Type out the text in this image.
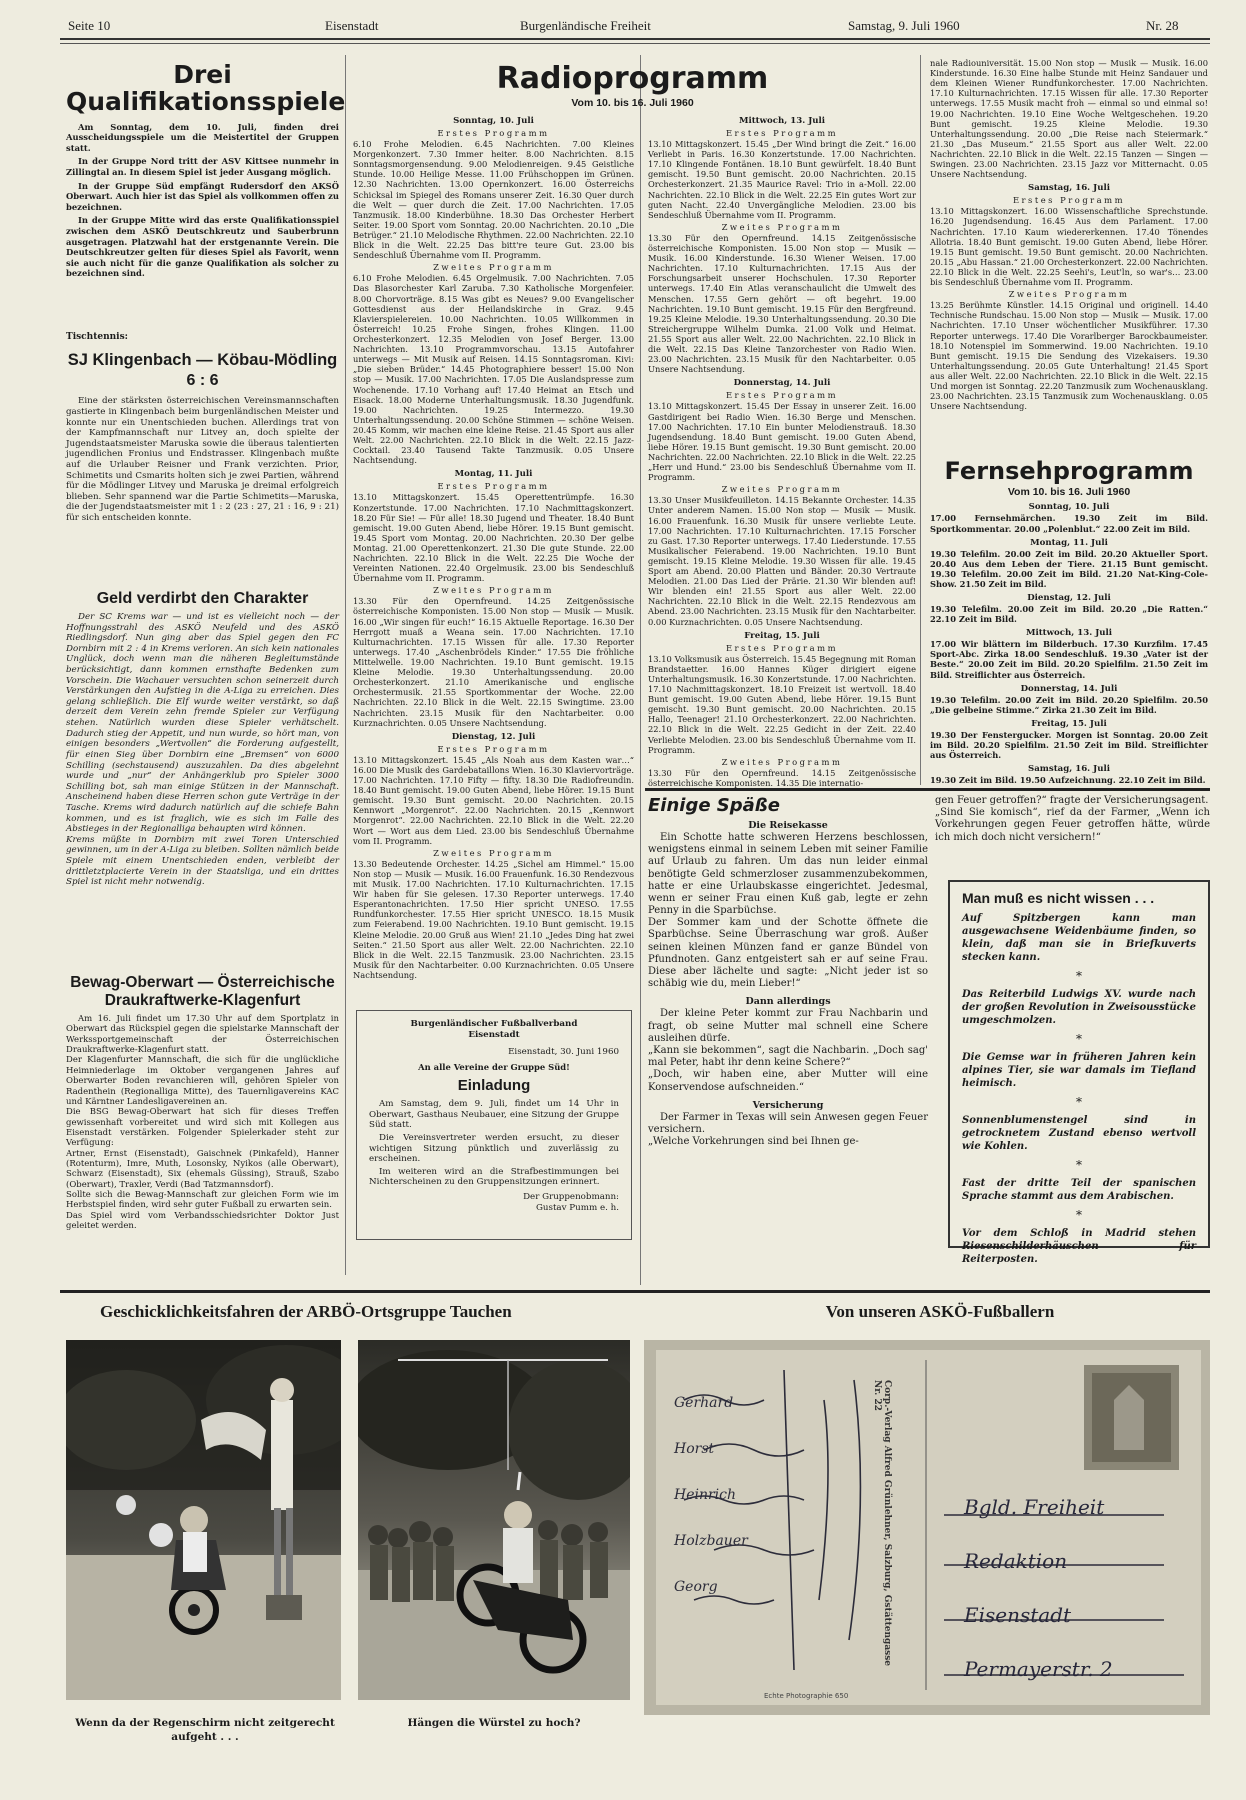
Seite 10	Eisenstadt	Burgenländische Freiheit	Samstag, 9. Juli 1960	Nr. 28
Drei
Qualifikationsspiele
Am Sonntag, dem 10. Juli, finden drei Ausscheidungsspiele um die Meistertitel der Gruppen statt.
In der Gruppe Nord tritt der ASV Kittsee nunmehr in Zillingtal an. In diesem Spiel ist jeder Ausgang möglich.
In der Gruppe Süd empfängt Rudersdorf den AKSÖ Oberwart. Auch hier ist das Spiel als vollkommen offen zu bezeichnen.
In der Gruppe Mitte wird das erste Qualifikationsspiel zwischen dem ASKÖ Deutschkreutz und Sauberbrunn ausgetragen. Platzwahl hat der erstgenannte Verein. Die Deutschkreutzer gelten für dieses Spiel als Favorit, wenn sie auch nicht für die ganze Qualifikation als solcher zu bezeichnen sind.
Tischtennis:
SJ Klingenbach — Köbau-Mödling
6 : 6
Eine der stärksten österreichischen Vereinsmannschaften gastierte in Klingenbach beim burgenländischen Meister und konnte nur ein Unentschieden buchen. Allerdings trat von der Kampfmannschaft nur Litvey an, doch spielte der Jugendstaatsmeister Maruska sowie die überaus talentierten jugendlichen Fronius und Endstrasser. Klingenbach mußte auf die Urlauber Reisner und Frank verzichten. Prior, Schimetits und Csmarits holten sich je zwei Partien, während für die Mödlinger Litvey und Maruska je dreimal erfolgreich blieben. Sehr spannend war die Partie Schimetits—Maruska, die der Jugendstaatsmeister mit 1 : 2 (23 : 27, 21 : 16, 9 : 21) für sich entscheiden konnte.
Geld verdirbt den Charakter
Der SC Krems war — und ist es vielleicht noch — der Hoffnungsstrahl des ASKÖ Neufeld und des ASKÖ Riedlingsdorf. Nun ging aber das Spiel gegen den FC Dornbirn mit 2 : 4 in Krems verloren. An sich kein nationales Unglück, doch wenn man die näheren Begleitumstände berücksichtigt, dann kommen ernsthafte Bedenken zum Vorschein. Die Wachauer versuchten schon seinerzeit durch Verstärkungen den Aufstieg in die A-Liga zu erreichen. Dies gelang schließlich. Die Elf wurde weiter verstärkt, so daß derzeit dem Verein zehn fremde Spieler zur Verfügung stehen. Natürlich wurden diese Spieler verhätschelt. Dadurch stieg der Appetit, und nun wurde, so hört man, von einigen besonders „Wertvollen“ die Forderung aufgestellt, für einen Sieg über Dornbirn eine „Bremsen“ von 6000 Schilling (sechstausend) auszuzahlen. Da dies abgelehnt wurde und „nur“ der Anhängerklub pro Spieler 3000 Schilling bot, sah man einige Stützen in der Mannschaft. Anscheinend haben diese Herren schon gute Verträge in der Tasche. Krems wird dadurch natürlich auf die schiefe Bahn kommen, und es ist fraglich, wie es sich im Falle des Abstieges in der Regionalliga behaupten wird können.
Krems müßte in Dornbirn mit zwei Toren Unterschied gewinnen, um in der A-Liga zu bleiben. Sollten nämlich beide Spiele mit einem Unentschieden enden, verbleibt der drittletztplacierte Verein in der Staatsliga, und ein drittes Spiel ist nicht mehr notwendig.
Bewag-Oberwart — Österreichische
Draukraftwerke-Klagenfurt
Am 16. Juli findet um 17.30 Uhr auf dem Sportplatz in Oberwart das Rückspiel gegen die spielstarke Mannschaft der Werkssportgemeinschaft der Österreichischen Draukraftwerke-Klagenfurt statt.
Der Klagenfurter Mannschaft, die sich für die unglückliche Heimniederlage im Oktober vergangenen Jahres auf Oberwarter Boden revanchieren will, gehören Spieler von Radenthein (Regionalliga Mitte), des Tauernligavereins KAC und Kärntner Landesligavereinen an.
Die BSG Bewag-Oberwart hat sich für dieses Treffen gewissenhaft vorbereitet und wird sich mit Kollegen aus Eisenstadt verstärken. Folgender Spielerkader steht zur Verfügung:
Artner, Ernst (Eisenstadt), Gaischnek (Pinkafeld), Hanner (Rotenturm), Imre, Muth, Losonsky, Nyikos (alle Oberwart), Schwarz (Eisenstadt), Six (ehemals Güssing), Strauß, Szabo (Oberwart), Traxler, Verdi (Bad Tatzmannsdorf).
Sollte sich die Bewag-Mannschaft zur gleichen Form wie im Herbstspiel finden, wird sehr guter Fußball zu erwarten sein.
Das Spiel wird vom Verbandsschiedsrichter Doktor Just geleitet werden.
Radioprogramm
Vom 10. bis 16. Juli 1960
Sonntag, 10. Juli
Erstes Programm
6.10 Frohe Melodien. 6.45 Nachrichten. 7.00 Kleines Morgenkonzert. 7.30 Immer heiter. 8.00 Nachrichten. 8.15 Sonntagsmorgensendung. 9.00 Melodienreigen. 9.45 Geistliche Stunde. 10.00 Heilige Messe. 11.00 Frühschoppen im Grünen. 12.30 Nachrichten. 13.00 Opernkonzert. 16.00 Österreichs Schicksal im Spiegel des Romans unserer Zeit. 16.30 Quer durch die Welt — quer durch die Zeit. 17.00 Nachrichten. 17.05 Tanzmusik. 18.00 Kinderbühne. 18.30 Das Orchester Herbert Seiter. 19.00 Sport vom Sonntag. 20.00 Nachrichten. 20.10 „Die Betrüger.“ 21.10 Melodische Rhythmen. 22.00 Nachrichten. 22.10 Blick in die Welt. 22.25 Das bitt're teure Gut. 23.00 bis Sendeschluß Übernahme vom II. Programm.
Zweites Programm
6.10 Frohe Melodien. 6.45 Orgelmusik. 7.00 Nachrichten. 7.05 Das Blasorchester Karl Zaruba. 7.30 Katholische Morgenfeier. 8.00 Chorvorträge. 8.15 Was gibt es Neues? 9.00 Evangelischer Gottesdienst aus der Heilandskirche in Graz. 9.45 Klavierspielereien. 10.00 Nachrichten. 10.05 Willkommen in Österreich! 10.25 Frohe Singen, frohes Klingen. 11.00 Orchesterkonzert. 12.35 Melodien von Josef Berger. 13.00 Nachrichten. 13.10 Programmvorschau. 13.15 Autofahrer unterwegs — Mit Musik auf Reisen. 14.15 Sonntagsroman. Kivi: „Die sieben Brüder.“ 14.45 Photographiere besser! 15.00 Non stop — Musik. 17.00 Nachrichten. 17.05 Die Auslandspresse zum Wochenende. 17.10 Vorhang auf! 17.40 Heimat an Etsch und Eisack. 18.00 Moderne Unterhaltungsmusik. 18.30 Jugendfunk. 19.00 Nachrichten. 19.25 Intermezzo. 19.30 Unterhaltungssendung. 20.00 Schöne Stimmen — schöne Weisen. 20.45 Komm, wir machen eine kleine Reise. 21.45 Sport aus aller Welt. 22.00 Nachrichten. 22.10 Blick in die Welt. 22.15 Jazz-Cocktail. 23.40 Tausend Takte Tanzmusik. 0.05 Unsere Nachtsendung.
Montag, 11. Juli
Erstes Programm
13.10 Mittagskonzert. 15.45 Operettentrümpfe. 16.30 Konzertstunde. 17.00 Nachrichten. 17.10 Nachmittagskonzert. 18.20 Für Sie! — Für alle! 18.30 Jugend und Theater. 18.40 Bunt gemischt. 19.00 Guten Abend, liebe Hörer. 19.15 Bunt gemischt. 19.45 Sport vom Montag. 20.00 Nachrichten. 20.30 Der gelbe Montag. 21.00 Operettenkonzert. 21.30 Die gute Stunde. 22.00 Nachrichten. 22.10 Blick in die Welt. 22.25 Die Woche der Vereinten Nationen. 22.40 Orgelmusik. 23.00 bis Sendeschluß Übernahme vom II. Programm.
Zweites Programm
13.30 Für den Opernfreund. 14.25 Zeitgenössische österreichische Komponisten. 15.00 Non stop — Musik — Musik. 16.00 „Wir singen für euch!“ 16.15 Aktuelle Reportage. 16.30 Der Herrgott muaß a Weana sein. 17.00 Nachrichten. 17.10 Kulturnachrichten. 17.15 Wissen für alle. 17.30 Reporter unterwegs. 17.40 „Aschenbrödels Kinder.“ 17.55 Die fröhliche Mittelwelle. 19.00 Nachrichten. 19.10 Bunt gemischt. 19.15 Kleine Melodie. 19.30 Unterhaltungssendung. 20.00 Orchesterkonzert. 21.10 Amerikanische und englische Orchestermusik. 21.55 Sportkommentar der Woche. 22.00 Nachrichten. 22.10 Blick in die Welt. 22.15 Swingtime. 23.00 Nachrichten. 23.15 Musik für den Nachtarbeiter. 0.00 Kurznachrichten. 0.05 Unsere Nachtsendung.
Dienstag, 12. Juli
Erstes Programm
13.10 Mittagskonzert. 15.45 „Als Noah aus dem Kasten war…“ 16.00 Die Musik des Gardebataillons Wien. 16.30 Klaviervorträge. 17.00 Nachrichten. 17.10 Fifty — fifty. 18.30 Die Radiofreundin. 18.40 Bunt gemischt. 19.00 Guten Abend, liebe Hörer. 19.15 Bunt gemischt. 19.30 Bunt gemischt. 20.00 Nachrichten. 20.15 Kennwort „Morgenrot“. 22.00 Nachrichten. 20.15 „Kennwort Morgenrot“. 22.00 Nachrichten. 22.10 Blick in die Welt. 22.20 Wort — Wort aus dem Lied. 23.00 bis Sendeschluß Übernahme vom II. Programm.
Zweites Programm
13.30 Bedeutende Orchester. 14.25 „Sichel am Himmel.“ 15.00 Non stop — Musik — Musik. 16.00 Frauenfunk. 16.30 Rendezvous mit Musik. 17.00 Nachrichten. 17.10 Kulturnachrichten. 17.15 Wir haben für Sie gelesen. 17.30 Reporter unterwegs. 17.40 Esperantonachrichten. 17.50 Hier spricht UNESO. 17.55 Rundfunkorchester. 17.55 Hier spricht UNESCO. 18.15 Musik zum Feierabend. 19.00 Nachrichten. 19.10 Bunt gemischt. 19.15 Kleine Melodie. 20.00 Gruß aus Wien! 21.10 „Jedes Ding hat zwei Seiten.“ 21.50 Sport aus aller Welt. 22.00 Nachrichten. 22.10 Blick in die Welt. 22.15 Tanzmusik. 23.00 Nachrichten. 23.15 Musik für den Nachtarbeiter. 0.00 Kurznachrichten. 0.05 Unsere Nachtsendung.
Mittwoch, 13. Juli
Erstes Programm
13.10 Mittagskonzert. 15.45 „Der Wind bringt die Zeit.“ 16.00 Verliebt in Paris. 16.30 Konzertstunde. 17.00 Nachrichten. 17.10 Klingende Fontänen. 18.10 Bunt gewürfelt. 18.40 Bunt gemischt. 19.50 Bunt gemischt. 20.00 Nachrichten. 20.15 Orchesterkonzert. 21.35 Maurice Ravel: Trio in a-Moll. 22.00 Nachrichten. 22.10 Blick in die Welt. 22.25 Ein gutes Wort zur guten Nacht. 22.40 Unvergängliche Melodien. 23.00 bis Sendeschluß Übernahme vom II. Programm.
Zweites Programm
13.30 Für den Opernfreund. 14.15 Zeitgenössische österreichische Komponisten. 15.00 Non stop — Musik — Musik. 16.00 Kinderstunde. 16.30 Wiener Weisen. 17.00 Nachrichten. 17.10 Kulturnachrichten. 17.15 Aus der Forschungsarbeit unserer Hochschulen. 17.30 Reporter unterwegs. 17.40 Ein Atlas veranschaulicht die Umwelt des Menschen. 17.55 Gern gehört — oft begehrt. 19.00 Nachrichten. 19.10 Bunt gemischt. 19.15 Für den Bergfreund. 19.25 Kleine Melodie. 19.30 Unterhaltungssendung. 20.30 Die Streichergruppe Wilhelm Dumka. 21.00 Volk und Heimat. 21.55 Sport aus aller Welt. 22.00 Nachrichten. 22.10 Blick in die Welt. 22.15 Das Kleine Tanzorchester von Radio Wien. 23.00 Nachrichten. 23.15 Musik für den Nachtarbeiter. 0.05 Unsere Nachtsendung.
Donnerstag, 14. Juli
Erstes Programm
13.10 Mittagskonzert. 15.45 Der Essay in unserer Zeit. 16.00 Gastdirigent bei Radio Wien. 16.30 Berge und Menschen. 17.00 Nachrichten. 17.10 Ein bunter Melodienstrauß. 18.30 Jugendsendung. 18.40 Bunt gemischt. 19.00 Guten Abend, liebe Hörer. 19.15 Bunt gemischt. 19.30 Bunt gemischt. 20.00 Nachrichten. 22.00 Nachrichten. 22.10 Blick in die Welt. 22.25 „Herr und Hund.“ 23.00 bis Sendeschluß Übernahme vom II. Programm.
Zweites Programm
13.30 Unser Musikfeuilleton. 14.15 Bekannte Orchester. 14.35 Unter anderem Namen. 15.00 Non stop — Musik — Musik. 16.00 Frauenfunk. 16.30 Musik für unsere verliebte Leute. 17.00 Nachrichten. 17.10 Kulturnachrichten. 17.15 Forscher zu Gast. 17.30 Reporter unterwegs. 17.40 Liederstunde. 17.55 Musikalischer Feierabend. 19.00 Nachrichten. 19.10 Bunt gemischt. 19.15 Kleine Melodie. 19.30 Wissen für alle. 19.45 Sport am Abend. 20.00 Platten und Bänder. 20.30 Vertraute Melodien. 21.00 Das Lied der Prärie. 21.30 Wir blenden auf! Wir blenden ein! 21.55 Sport aus aller Welt. 22.00 Nachrichten. 22.10 Blick in die Welt. 22.15 Rendezvous am Abend. 23.00 Nachrichten. 23.15 Musik für den Nachtarbeiter. 0.00 Kurznachrichten. 0.05 Unsere Nachtsendung.
Freitag, 15. Juli
Erstes Programm
13.10 Volksmusik aus Österreich. 15.45 Begegnung mit Roman Brandstaetter. 16.00 Hannes Küger dirigiert eigene Unterhaltungsmusik. 16.30 Konzertstunde. 17.00 Nachrichten. 17.10 Nachmittagskonzert. 18.10 Freizeit ist wertvoll. 18.40 Bunt gemischt. 19.00 Guten Abend, liebe Hörer. 19.15 Bunt gemischt. 19.30 Bunt gemischt. 20.00 Nachrichten. 20.15 Hallo, Teenager! 21.10 Orchesterkonzert. 22.00 Nachrichten. 22.10 Blick in die Welt. 22.25 Gedicht in der Zeit. 22.40 Verliebte Melodien. 23.00 bis Sendeschluß Übernahme vom II. Programm.
Zweites Programm
13.30 Für den Opernfreund. 14.15 Zeitgenössische österreichische Komponisten. 14.35 Die internatio-
nale Radiouniversität. 15.00 Non stop — Musik — Musik. 16.00 Kinderstunde. 16.30 Eine halbe Stunde mit Heinz Sandauer und dem Kleinen Wiener Rundfunkorchester. 17.00 Nachrichten. 17.10 Kulturnachrichten. 17.15 Wissen für alle. 17.30 Reporter unterwegs. 17.55 Musik macht froh — einmal so und einmal so! 19.00 Nachrichten. 19.10 Eine Woche Weltgeschehen. 19.20 Bunt gemischt. 19.25 Kleine Melodie. 19.30 Unterhaltungssendung. 20.00 „Die Reise nach Steiermark.“ 21.30 „Das Museum.“ 21.55 Sport aus aller Welt. 22.00 Nachrichten. 22.10 Blick in die Welt. 22.15 Tanzen — Singen — Swingen. 23.00 Nachrichten. 23.15 Jazz vor Mitternacht. 0.05 Unsere Nachtsendung.
Samstag, 16. Juli
Erstes Programm
13.10 Mittagskonzert. 16.00 Wissenschaftliche Sprechstunde. 16.20 Jugendsendung. 16.45 Aus dem Parlament. 17.00 Nachrichten. 17.10 Kaum wiedererkennen. 17.40 Tönendes Allotria. 18.40 Bunt gemischt. 19.00 Guten Abend, liebe Hörer. 19.15 Bunt gemischt. 19.50 Bunt gemischt. 20.00 Nachrichten. 20.15 „Abu Hassan.“ 21.00 Orchesterkonzert. 22.00 Nachrichten. 22.10 Blick in die Welt. 22.25 Seehi's, Leut'ln, so war's… 23.00 bis Sendeschluß Übernahme vom II. Programm.
Zweites Programm
13.25 Berühmte Künstler. 14.15 Original und originell. 14.40 Technische Rundschau. 15.00 Non stop — Musik — Musik. 17.00 Nachrichten. 17.10 Unser wöchentlicher Musikführer. 17.30 Reporter unterwegs. 17.40 Die Vorarlberger Barockbaumeister. 18.10 Notenspiel im Sommerwind. 19.00 Nachrichten. 19.10 Bunt gemischt. 19.15 Die Sendung des Vizekaisers. 19.30 Unterhaltungssendung. 20.05 Gute Unterhaltung! 21.45 Sport aus aller Welt. 22.00 Nachrichten. 22.10 Blick in die Welt. 22.15 Und morgen ist Sonntag. 22.20 Tanzmusik zum Wochenausklang. 23.00 Nachrichten. 23.15 Tanzmusik zum Wochenausklang. 0.05 Unsere Nachtsendung.
Fernsehprogramm
Vom 10. bis 16. Juli 1960
Sonntag, 10. Juli
17.00 Fernsehmärchen. 19.30 Zeit im Bild. Sportkommentar. 20.00 „Polenblut.“ 22.00 Zeit im Bild.
Montag, 11. Juli
19.30 Telefilm. 20.00 Zeit im Bild. 20.20 Aktueller Sport. 20.40 Aus dem Leben der Tiere. 21.15 Bunt gemischt. 19.30 Telefilm. 20.00 Zeit im Bild. 21.20 Nat-King-Cole-Show. 21.50 Zeit im Bild.
Dienstag, 12. Juli
19.30 Telefilm. 20.00 Zeit im Bild. 20.20 „Die Ratten.“ 22.10 Zeit im Bild.
Mittwoch, 13. Juli
17.00 Wir blättern im Bilderbuch. 17.30 Kurzfilm. 17.45 Sport-Abc. Zirka 18.00 Sendeschluß. 19.30 „Vater ist der Beste.“ 20.00 Zeit im Bild. 20.20 Spielfilm. 21.50 Zeit im Bild. Streiflichter aus Österreich.
Donnerstag, 14. Juli
19.30 Telefilm. 20.00 Zeit im Bild. 20.20 Spielfilm. 20.50 „Die gelbeine Stimme.“ Zirka 21.30 Zeit im Bild.
Freitag, 15. Juli
19.30 Der Fenstergucker. Morgen ist Sonntag. 20.00 Zeit im Bild. 20.20 Spielfilm. 21.50 Zeit im Bild. Streiflichter aus Österreich.
Samstag, 16. Juli
19.30 Zeit im Bild. 19.50 Aufzeichnung. 22.10 Zeit im Bild.
Burgenländischer Fußballverband
Eisenstadt
Eisenstadt, 30. Juni 1960
An alle Vereine der Gruppe Süd!
Einladung
Am Samstag, dem 9. Juli, findet um 14 Uhr in Oberwart, Gasthaus Neubauer, eine Sitzung der Gruppe Süd statt.
Die Vereinsvertreter werden ersucht, zu dieser wichtigen Sitzung pünktlich und zuverlässig zu erscheinen.
Im weiteren wird an die Strafbestimmungen bei Nichterscheinen zu den Gruppensitzungen erinnert.
Der Gruppenobmann:
Gustav Pumm e. h.
Einige Späße
Die Reisekasse
Ein Schotte hatte schweren Herzens beschlossen, wenigstens einmal in seinem Leben mit seiner Familie auf Urlaub zu fahren. Um das nun leider einmal benötigte Geld schmerzloser zusammenzubekommen, hatte er eine Urlaubskasse eingerichtet. Jedesmal, wenn er seiner Frau einen Kuß gab, legte er zehn Penny in die Sparbüchse.
Der Sommer kam und der Schotte öffnete die Sparbüchse. Seine Überraschung war groß. Außer seinen kleinen Münzen fand er ganze Bündel von Pfundnoten. Ganz entgeistert sah er auf seine Frau. Diese aber lächelte und sagte: „Nicht jeder ist so schäbig wie du, mein Lieber!“
Dann allerdings
Der kleine Peter kommt zur Frau Nachbarin und fragt, ob seine Mutter mal schnell eine Schere ausleihen dürfe.
„Kann sie bekommen“, sagt die Nachbarin. „Doch sag' mal Peter, habt ihr denn keine Schere?“
„Doch, wir haben eine, aber Mutter will eine Konservendose aufschneiden.“
Versicherung
Der Farmer in Texas will sein Anwesen gegen Feuer versichern.
„Welche Vorkehrungen sind bei Ihnen ge-
gen Feuer getroffen?“ fragte der Versicherungsagent.
„Sind Sie komisch“, rief da der Farmer, „Wenn ich Vorkehrungen gegen Feuer getroffen hätte, würde ich mich doch nicht versichern!“
Man muß es nicht wissen . . .
Auf Spitzbergen kann man ausgewachsene Weidenbäume finden, so klein, daß man sie in Briefkuverts stecken kann.
*
Das Reiterbild Ludwigs XV. wurde nach der großen Revolution in Zweisousstücke umgeschmolzen.
*
Die Gemse war in früheren Jahren kein alpines Tier, sie war damals im Tiefland heimisch.
*
Sonnenblumenstengel sind in getrocknetem Zustand ebenso wertvoll wie Kohlen.
*
Fast der dritte Teil der spanischen Sprache stammt aus dem Arabischen.
*
Vor dem Schloß in Madrid stehen Riesenschilderhäuschen für Reiterposten.
Geschicklichkeitsfahren der ARBÖ-Ortsgruppe Tauchen	Von unseren ASKÖ-Fußballern
Wenn da der Regenschirm nicht zeitgerecht
aufgeht . . .
Hängen die Würstel zu hoch?
Corp.-Verlag Alfred Grünlehner, Salzburg, Gstättengasse Nr. 22
Echte Photographie 650
Bgld. Freiheit
Redaktion
Eisenstadt
Permayerstr. 2
Gerhard
Horst
Heinrich
Holzbauer
Georg
